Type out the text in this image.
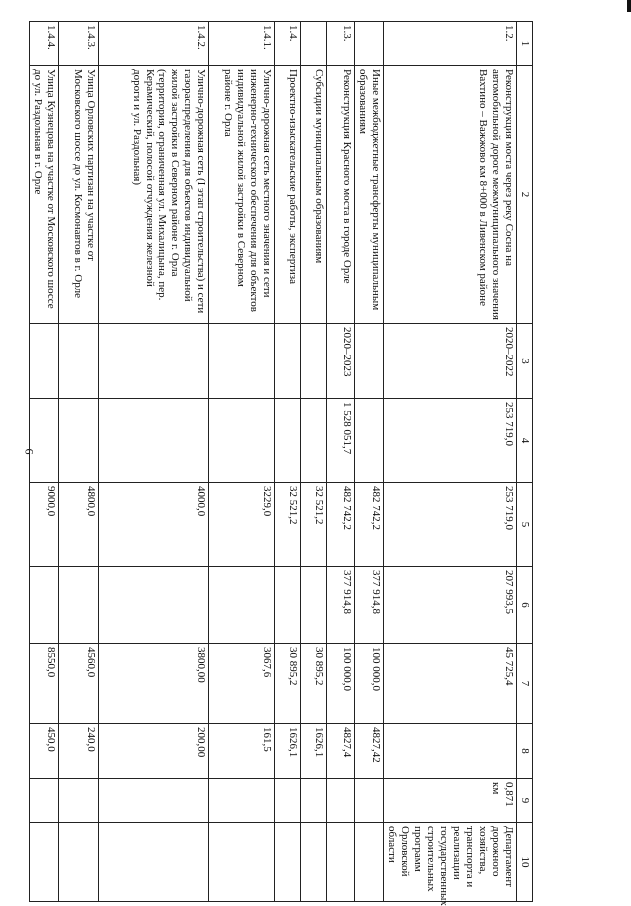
6
1	2	3	4	5	6	7	8	9	10
1.2.	Реконструкция моста через реку Сосна на автомобильной дороге межмуниципального значения Вахтино – Важжово км 8+000 в Ливенском районе	2020–2022	253 719,0	253 719,0	207 993,5	45 725,4		0,871 км	Департамент дорожного хозяйства, транспорта и реализации государственных строительных программ Орловской области
	Иные межбюджетные трансферты муниципальным образованиям			482 742,2	377 914,8	100 000,0	4827,42		
1.3.	Реконструкция Красного моста в городе Орле	2020–2023	1 528 051,7	482 742,2	377 914,8	100 000,0	4827,4		
	Субсидии муниципальным образованиям			32 521,2		30 895,2	1626,1		
1.4.	Проектно-изыскательские работы, экспертиза			32 521,2		30 895,2	1626,1		
1.4.1.	Улично-дорожная сеть местного значения и сети инженерно-технического обеспечения для объектов индивидуальной жилой застройки в Северном районе г. Орла			3229,0		3067,6	161,5		
1.4.2.	Улично-дорожная сеть (I этап строительства) и сети газораспределения для объектов индивидуальной жилой застройки в Северном районе г. Орла (территория, ограниченная ул. Михалицына, пер. Керамический, полосой отчуждения железной дороги и ул. Раздольная)			4000,0		3800,00	200,00		
1.4.3.	Улица Орловских партизан на участке от Московского шоссе до ул. Космонавтов в г. Орле			4800,0		4560,0	240,0		
1.4.4.	Улица Кузнецова на участке от Московского шоссе до ул. Раздольная в г. Орле			9000,0		8550,0	450,0		
